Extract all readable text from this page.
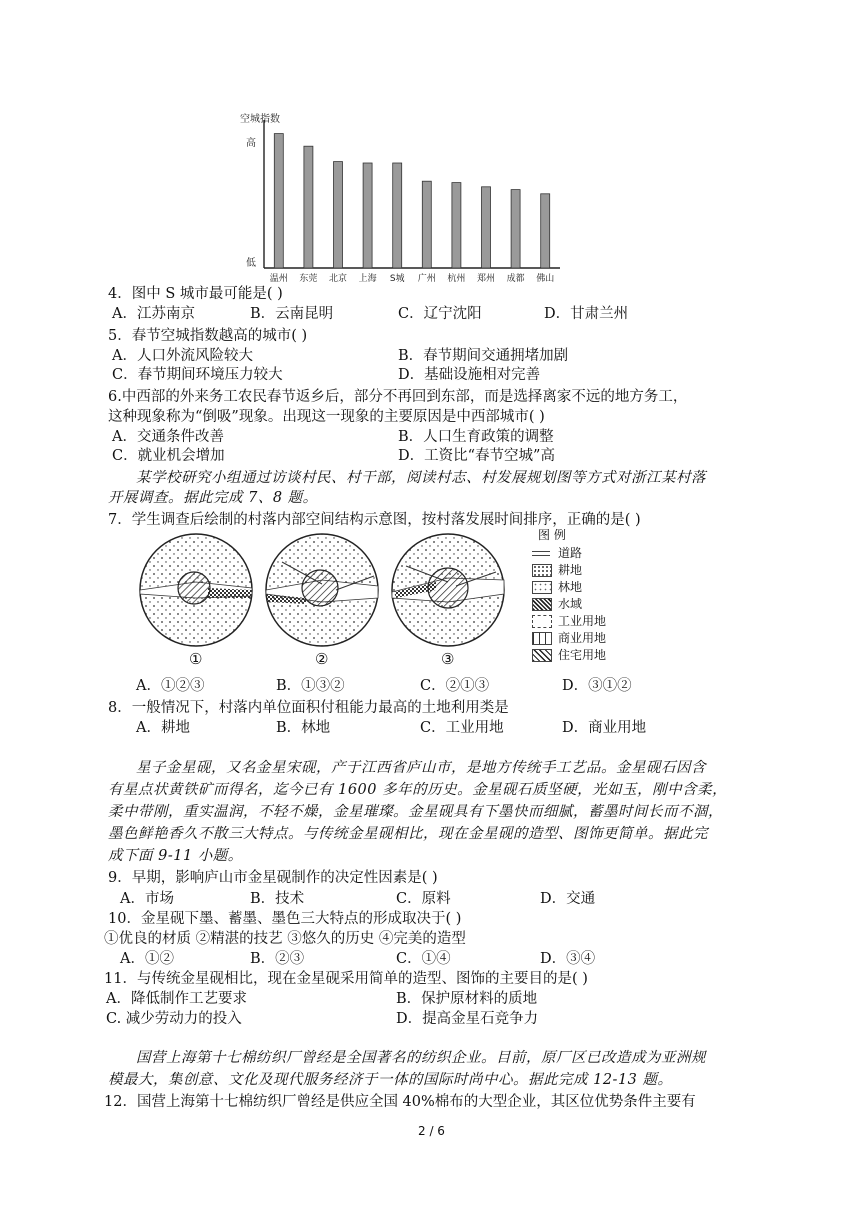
空城指数
高
低
温州 东莞 北京 上海 S城 广州 杭州 郑州 成都 佛山
4．图中 S 城市最可能是( )
A．江苏南京	B．云南昆明	C．辽宁沈阳	D．甘肃兰州
5．春节空城指数越高的城市( )
A．人口外流风险较大	B．春节期间交通拥堵加剧
C．春节期间环境压力较大	D．基础设施相对完善
6.中西部的外来务工农民春节返乡后，部分不再回到东部，而是选择离家不远的地方务工，
这种现象称为“倒吸”现象。出现这一现象的主要原因是中西部城市( )
A．交通条件改善	B．人口生育政策的调整
C．就业机会增加	D．工资比“春节空城”高
某学校研究小组通过访谈村民、村干部，阅读村志、村发展规划图等方式对浙江某村落
开展调查。据此完成 7、8 题。
7．学生调查后绘制的村落内部空间结构示意图，按村落发展时间排序，正确的是( )
①	②	③
图 例
道路
耕地
林地
水域
工业用地
商业用地
住宅用地
A．①②③	B．①③②	C．②①③	D．③①②
8．一般情况下，村落内单位面积付租能力最高的土地利用类是
A．耕地	B．林地	C．工业用地	D．商业用地
星子金星砚，又名金星宋砚，产于江西省庐山市，是地方传统手工艺品。金星砚石因含
有星点状黄铁矿而得名，迄今已有 1600 多年的历史。金星砚石质坚硬，光如玉，刚中含柔，
柔中带刚，重实温润，不轻不燥，金星璀璨。金星砚具有下墨快而细腻，蓄墨时间长而不涸，
墨色鲜艳香久不散三大特点。与传统金星砚相比，现在金星砚的造型、图饰更简单。据此完
成下面 9-11 小题。
9．早期，影响庐山市金星砚制作的决定性因素是( )
A．市场	B．技术	C．原料	D．交通
10．金星砚下墨、蓄墨、墨色三大特点的形成取决于( )
①优良的材质 ②精湛的技艺 ③悠久的历史 ④完美的造型
A．①②	B．②③	C．①④	D．③④
11．与传统金星砚相比，现在金星砚采用简单的造型、图饰的主要目的是( )
A．降低制作工艺要求	B．保护原材料的质地
C. 减少劳动力的投入	D．提高金星石竞争力
国营上海第十七棉纺织厂曾经是全国著名的纺织企业。目前，原厂区已改造成为亚洲规
模最大，集创意、文化及现代服务经济于一体的国际时尚中心。据此完成 12-13 题。
12．国营上海第十七棉纺织厂曾经是供应全国 40%棉布的大型企业，其区位优势条件主要有
2 / 6
